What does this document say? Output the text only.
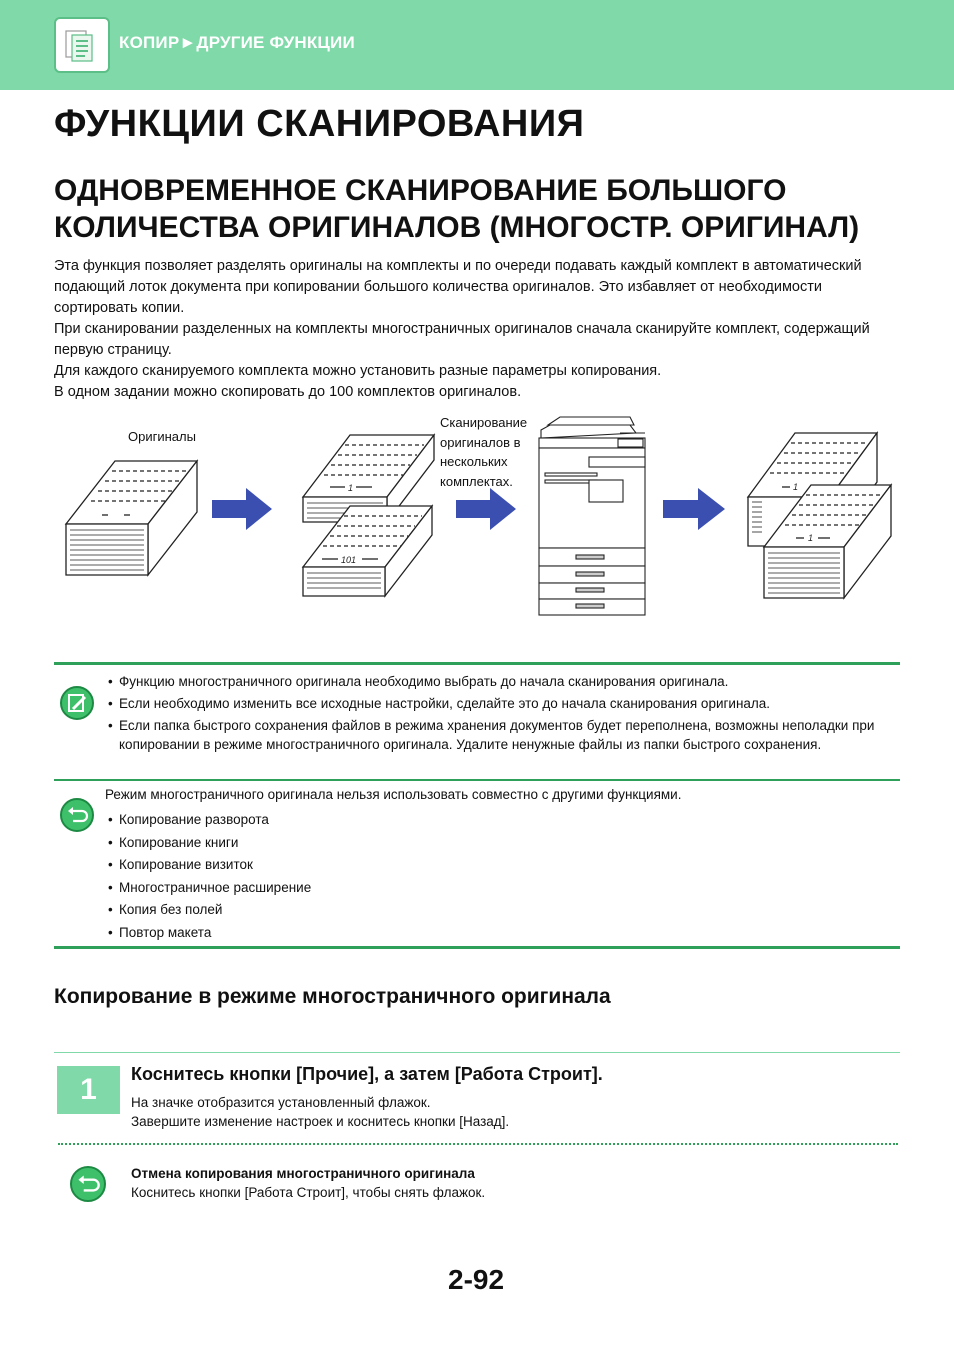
КОПИР►ДРУГИЕ ФУНКЦИИ
ФУНКЦИИ СКАНИРОВАНИЯ
ОДНОВРЕМЕННОЕ СКАНИРОВАНИЕ БОЛЬШОГО КОЛИЧЕСТВА ОРИГИНАЛОВ (МНОГОСТР. ОРИГИНАЛ)

Эта функция позволяет разделять оригиналы на комплекты и по очереди подавать каждый комплект в автоматический подающий лоток документа при копировании большого количества оригиналов. Это избавляет от необходимости сортировать копии.

При сканировании разделенных на комплекты многостраничных оригиналов сначала сканируйте комплект, содержащий первую страницу.

Для каждого сканируемого комплекта можно установить разные параметры копирования.

В одном задании можно скопировать до 100 комплектов оригиналов.

Оригиналы
Сканирование
оригиналов в
нескольких
комплектах.
1
101
1
1
• Функцию многостраничного оригинала необходимо выбрать до начала сканирования оригинала.
• Если необходимо изменить все исходные настройки, сделайте это до начала сканирования оригинала.
• Если папка быстрого сохранения файлов в режима хранения документов будет переполнена, возможны неполадки при копировании в режиме многостраничного оригинала. Удалите ненужные файлы из папки быстрого сохранения.
Режим многостраничного оригинала нельзя использовать совместно с другими функциями.
• Копирование разворота
• Копирование книги
• Копирование визиток
• Многостраничное расширение
• Копия без полей
• Повтор макета
Копирование в режиме многостраничного оригинала
1	Коснитесь кнопки [Прочие], а затем [Работа Строит].
На значке отобразится установленный флажок.
Завершите изменение настроек и коснитесь кнопки [Назад].
Отмена копирования многостраничного оригинала
Коснитесь кнопки [Работа Строит], чтобы снять флажок.
2-92
